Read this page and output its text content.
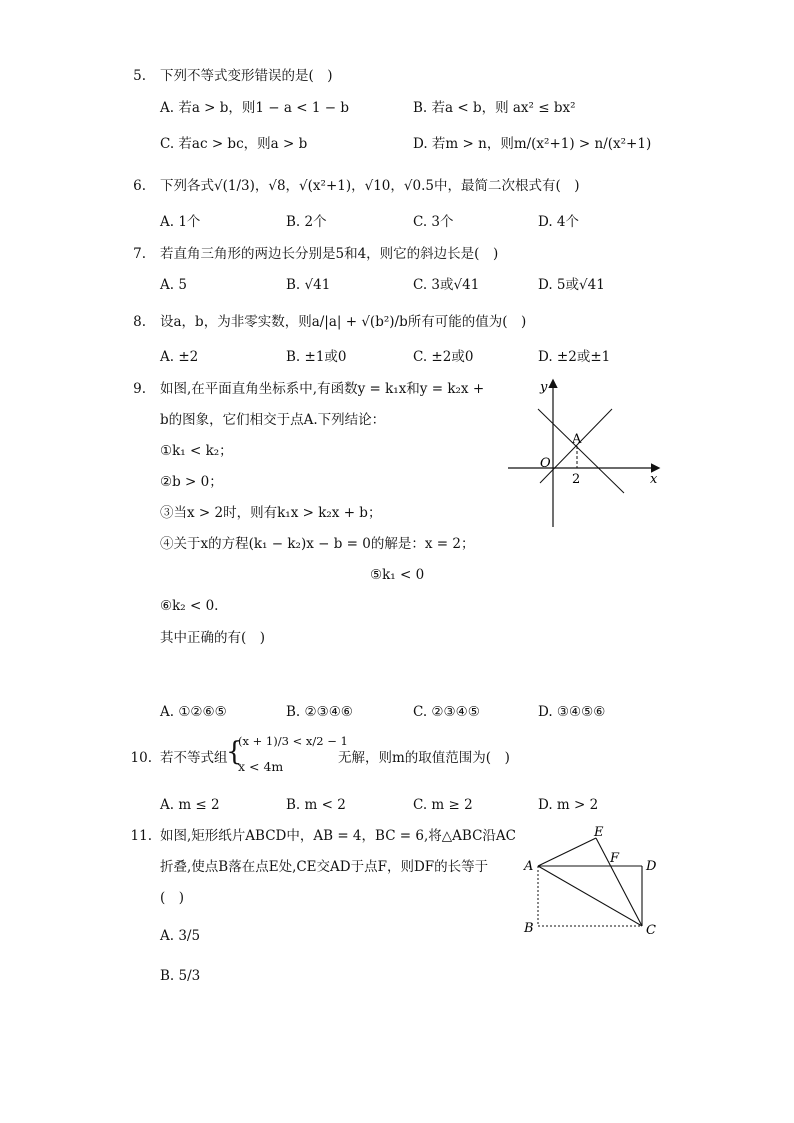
5. 下列不等式变形错误的是(　)
A. 若a > b，则1 − a < 1 − b	B. 若a < b，则 ax² ≤ bx²
C. 若ac > bc，则a > b	D. 若m > n，则m/(x²+1) > n/(x²+1)
6. 下列各式√(1/3)，√8，√(x²+1)，√10，√0.5中，最简二次根式有(　)
A. 1个	B. 2个	C. 3个	D. 4个
7. 若直角三角形的两边长分别是5和4，则它的斜边长是(　)
A. 5	B. √41	C. 3或√41	D. 5或√41
8. 设a，b，为非零实数，则a/|a| + √(b²)/b所有可能的值为(　)
A. ±2	B. ±1或0	C. ±2或0	D. ±2或±1
9. 如图,在平面直角坐标系中,有函数y = k₁x和y = k₂x +
b的图象，它们相交于点A.下列结论：
①k₁ < k₂；
②b > 0；
③当x > 2时，则有k₁x > k₂x + b；
④关于x的方程(k₁ − k₂)x − b = 0的解是：x = 2；
⑤k₁ < 0
⑥k₂ < 0.
其中正确的有(　)
A. ①②⑥⑤	B. ②③④⑥	C. ②③④⑤	D. ③④⑤⑥
y
x
O
A
2
10. 若不等式组
{
(x + 1)/3 < x/2 − 1
x < 4m
无解，则m的取值范围为(　)
A. m ≤ 2	B. m < 2	C. m ≥ 2	D. m > 2
11. 如图,矩形纸片ABCD中，AB = 4，BC = 6,将△ABC沿AC
折叠,使点B落在点E处,CE交AD于点F，则DF的长等于
(　)
A. 3/5
B. 5/3
A
B	C
D
E
F
